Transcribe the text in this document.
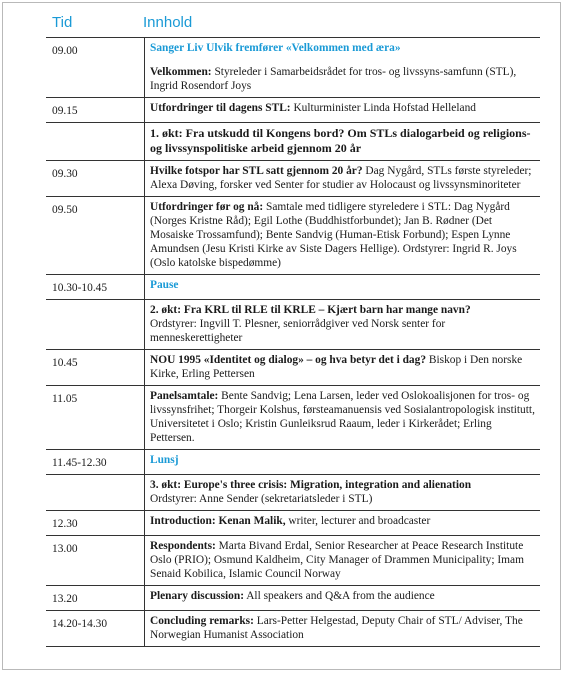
Tid	Innhold
09.00	Sanger Liv Ulvik fremfører «Velkommen med æra»

Velkommen: Styreleder i Samarbeidsrådet for tros- og livssyns-samfunn (STL), Ingrid Rosendorf Joys

09.15	Utfordringer til dagens STL: Kulturminister Linda Hofstad Helleland

	1. økt: Fra utskudd til Kongens bord? Om STLs dialogarbeid og religions- og livssynspolitiske arbeid gjennom 20 år

09.30	Hvilke fotspor har STL satt gjennom 20 år? Dag Nygård, STLs første styreleder; Alexa Døving, forsker ved Senter for studier av Holocaust og livssynsminoriteter

09.50	Utfordringer før og nå: Samtale med tidligere styreledere i STL: Dag Nygård (Norges Kristne Råd); Egil Lothe (Buddhistforbundet); Jan B. Rødner (Det Mosaiske Trossamfund); Bente Sandvig (Human-Etisk Forbund); Espen Lynne Amundsen (Jesu Kristi Kirke av Siste Dagers Hellige). Ordstyrer: Ingrid R. Joys (Oslo katolske bispedømme)

10.30-10.45	Pause

	2. økt: Fra KRL til RLE til KRLE – Kjært barn har mange navn?
Ordstyrer: Ingvill T. Plesner, seniorrådgiver ved Norsk senter for menneskerettigheter

10.45	NOU 1995 «Identitet og dialog» – og hva betyr det i dag? Biskop i Den norske Kirke, Erling Pettersen

11.05	Panelsamtale: Bente Sandvig; Lena Larsen, leder ved Oslokoalisjonen for tros- og livssynsfrihet; Thorgeir Kolshus, førsteamanuensis ved Sosialantropologisk institutt, Universitetet i Oslo; Kristin Gunleiksrud Raaum, leder i Kirkerådet; Erling Pettersen.

11.45-12.30	Lunsj

	3. økt: Europe's three crisis: Migration, integration and alienation
Ordstyrer: Anne Sender (sekretariatsleder i STL)

12.30	Introduction: Kenan Malik, writer, lecturer and broadcaster

13.00	Respondents: Marta Bivand Erdal, Senior Researcher at Peace Research Institute Oslo (PRIO); Osmund Kaldheim, City Manager of Drammen Municipality; Imam Senaid Kobilica, Islamic Council Norway

13.20	Plenary discussion: All speakers and Q&A from the audience

14.20-14.30	Concluding remarks: Lars-Petter Helgestad, Deputy Chair of STL/ Adviser, The Norwegian Humanist Association
